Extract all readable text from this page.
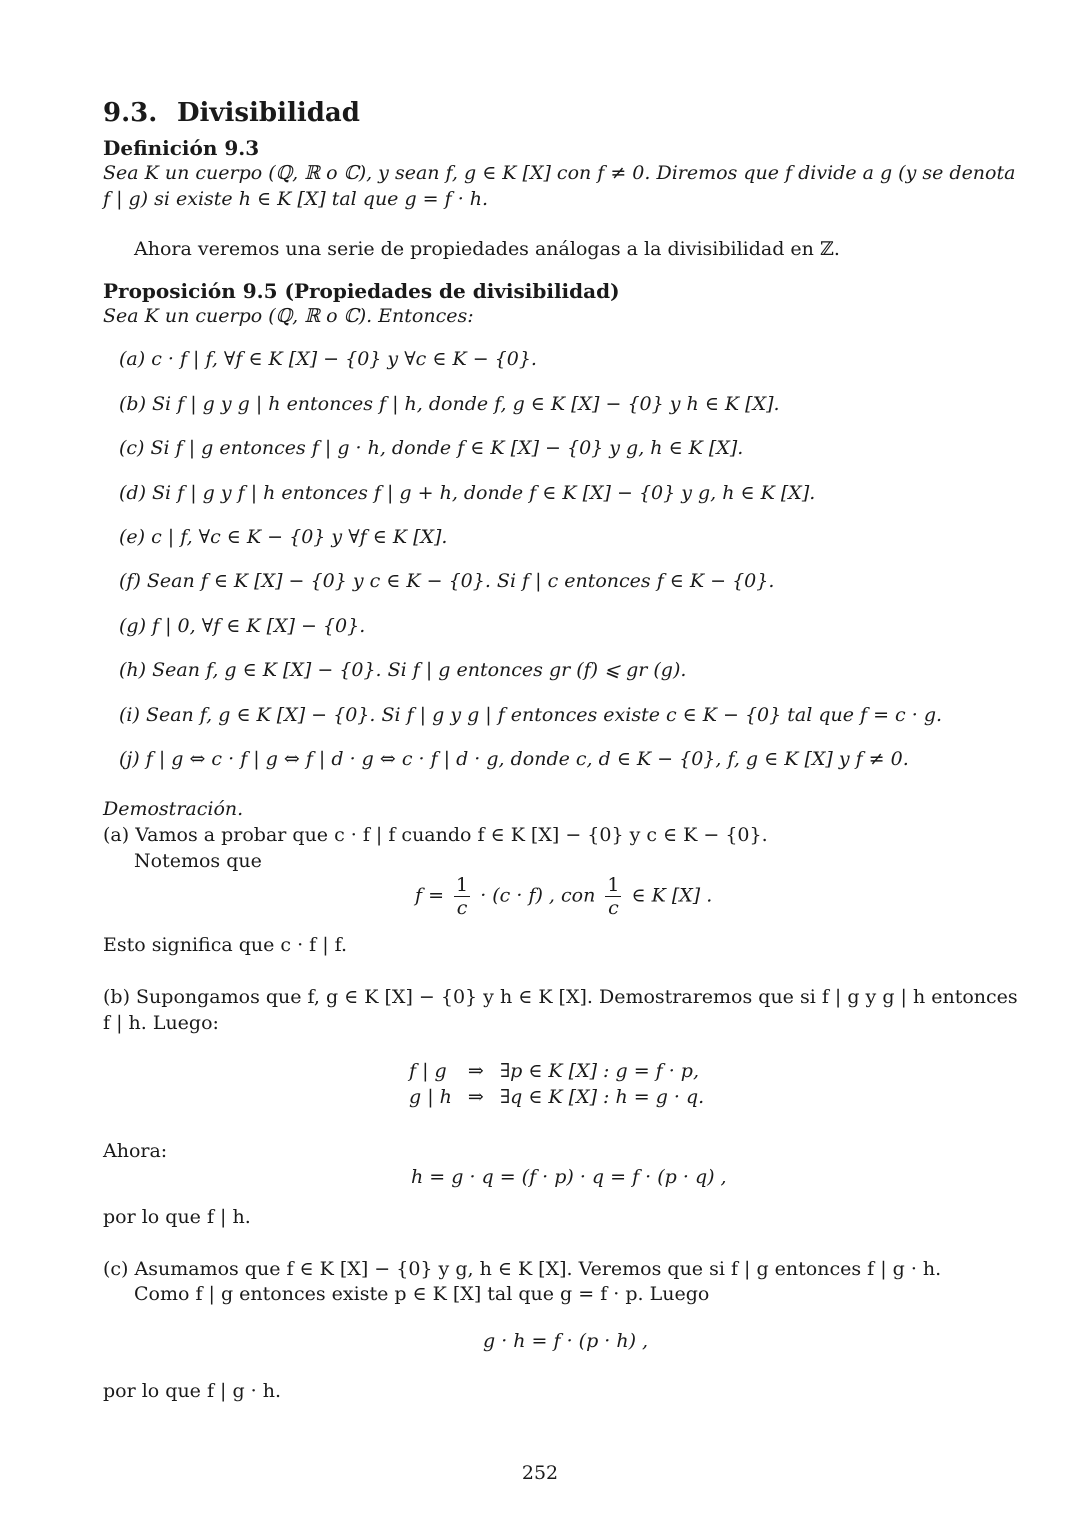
9.3. Divisibilidad
Definición 9.3
Sea K un cuerpo (ℚ, ℝ o ℂ), y sean f, g ∈ K [X] con f ≠ 0. Diremos que f divide a g (y se denota
f | g) si existe h ∈ K [X] tal que g = f · h.
Ahora veremos una serie de propiedades análogas a la divisibilidad en ℤ.
Proposición 9.5 (Propiedades de divisibilidad)
Sea K un cuerpo (ℚ, ℝ o ℂ). Entonces:
(a) c · f | f, ∀f ∈ K [X] − {0} y ∀c ∈ K − {0}.
(b) Si f | g y g | h entonces f | h, donde f, g ∈ K [X] − {0} y h ∈ K [X].
(c) Si f | g entonces f | g · h, donde f ∈ K [X] − {0} y g, h ∈ K [X].
(d) Si f | g y f | h entonces f | g + h, donde f ∈ K [X] − {0} y g, h ∈ K [X].
(e) c | f, ∀c ∈ K − {0} y ∀f ∈ K [X].
(f) Sean f ∈ K [X] − {0} y c ∈ K − {0}. Si f | c entonces f ∈ K − {0}.
(g) f | 0, ∀f ∈ K [X] − {0}.
(h) Sean f, g ∈ K [X] − {0}. Si f | g entonces gr (f) ⩽ gr (g).
(i) Sean f, g ∈ K [X] − {0}. Si f | g y g | f entonces existe c ∈ K − {0} tal que f = c · g.
(j) f | g ⇔ c · f | g ⇔ f | d · g ⇔ c · f | d · g, donde c, d ∈ K − {0}, f, g ∈ K [X] y f ≠ 0.
Demostración.
(a) Vamos a probar que c · f | f cuando f ∈ K [X] − {0} y c ∈ K − {0}.
Notemos que
$f = \frac{1}{c} \cdot (c \cdot f)$ , con $\frac{1}{c}$ ∈ K [X] .
Esto significa que c · f | f.
(b) Supongamos que f, g ∈ K [X] − {0} y h ∈ K [X]. Demostraremos que si f | g y g | h entonces
f | h. Luego:
f | g	⇒	∃p ∈ K [X] : g = f · p,
g | h	⇒	∃q ∈ K [X] : h = g · q.
Ahora:
h = g · q = (f · p) · q = f · (p · q) ,
por lo que f | h.
(c) Asumamos que f ∈ K [X] − {0} y g, h ∈ K [X]. Veremos que si f | g entonces f | g · h.
Como f | g entonces existe p ∈ K [X] tal que g = f · p. Luego
g · h = f · (p · h) ,
por lo que f | g · h.
252
